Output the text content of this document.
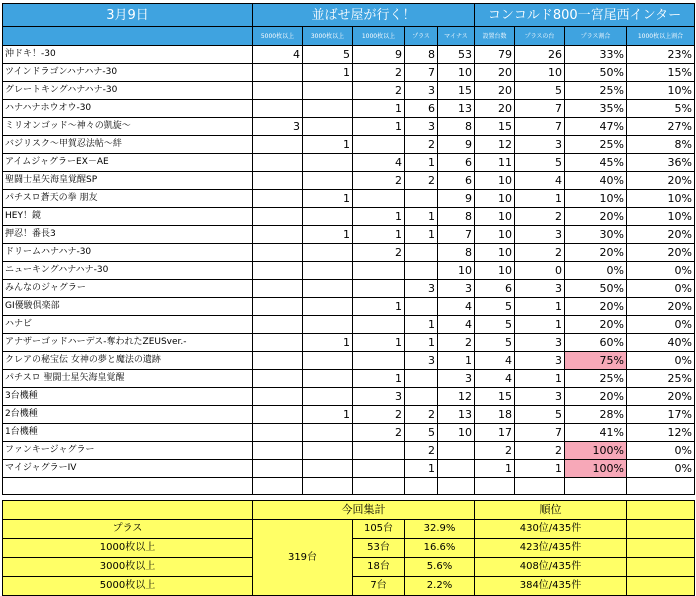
3月9日	並ばせ屋が行く！					コンコルド800一宮尾西インター			
	5000枚以上	3000枚以上	1000枚以上	プラス	マイナス	設置台数	プラスの台	プラス割合	1000枚以上割合
沖ドキ！-30	4	5	9	8	53	79	26	33%	23%
ツインドラゴンハナハナ-30		1	2	7	10	20	10	50%	15%
グレートキングハナハナ-30			2	3	15	20	5	25%	10%
ハナハナホウオウ-30			1	6	13	20	7	35%	5%
ミリオンゴッド～神々の凱旋～	3		1	3	8	15	7	47%	27%
バジリスク～甲賀忍法帖～絆		1		2	9	12	3	25%	8%
アイムジャグラーEX－AE			4	1	6	11	5	45%	36%
聖闘士星矢海皇覚醒SP			2	2	6	10	4	40%	20%
パチスロ蒼天の拳 朋友		1			9	10	1	10%	10%
HEY！鏡			1	1	8	10	2	20%	10%
押忍！番長3		1	1	1	7	10	3	30%	20%
ドリームハナハナ-30			2		8	10	2	20%	20%
ニューキングハナハナ-30					10	10	0	0%	0%
みんなのジャグラー				3	3	6	3	50%	0%
GI優駿倶楽部			1		4	5	1	20%	20%
ハナビ				1	4	5	1	20%	0%
アナザーゴッドハーデス-奪われたZEUSver.-		1	1	1	2	5	3	60%	40%
クレアの秘宝伝 女神の夢と魔法の遺跡				3	1	4	3	75%	0%
パチスロ 聖闘士星矢海皇覚醒			1		3	4	1	25%	25%
3台機種			3		12	15	3	20%	20%
2台機種		1	2	2	13	18	5	28%	17%
1台機種			2	5	10	17	7	41%	12%
ファンキージャグラー				2		2	2	100%	0%
マイジャグラーIV				1		1	1	100%	0%

	今回集計					順位			
プラス	319台		105台	32.9%		430位/435件			
1000枚以上			53台	16.6%		423位/435件			
3000枚以上			18台	5.6%		408位/435件			
5000枚以上			7台	2.2%		384位/435件			
